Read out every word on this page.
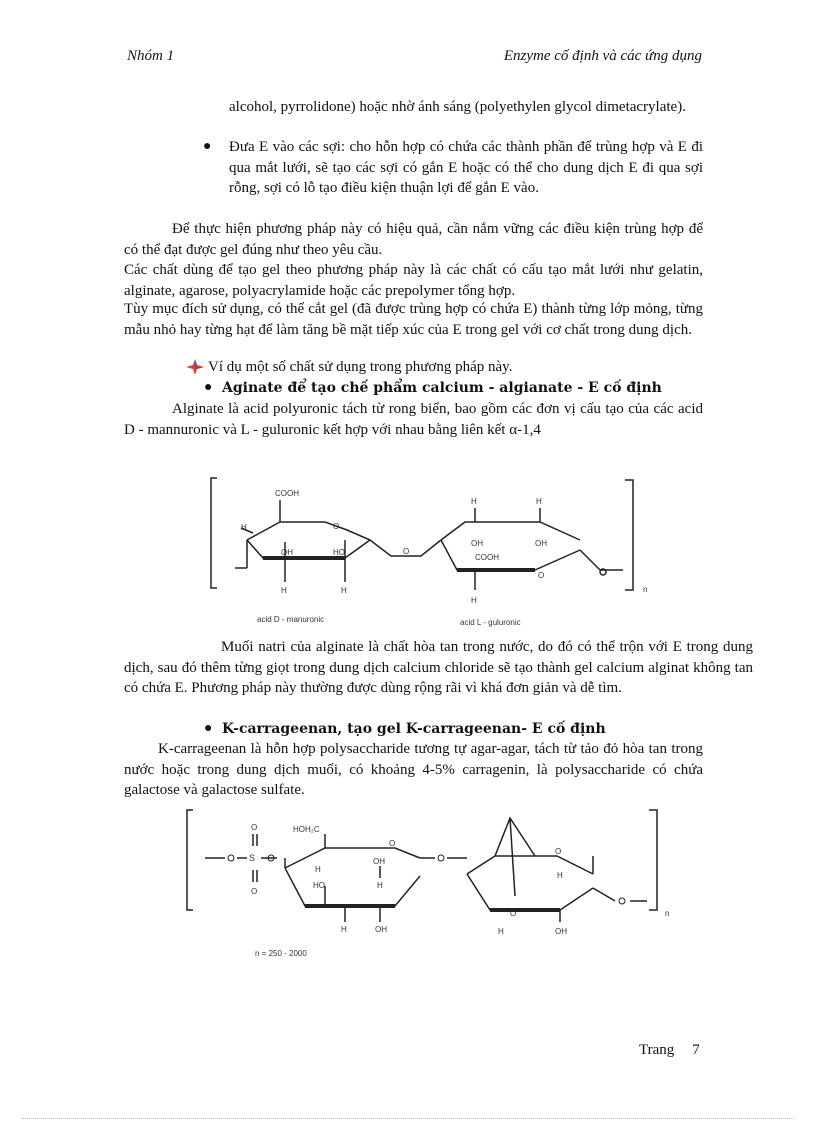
Nhóm 1	Enzyme cố định và các ứng dụng
alcohol, pyrrolidone) hoặc nhờ ánh sáng (polyethylen glycol dimetacrylate).
● Đưa E vào các sợi: cho hỗn hợp có chứa các thành phần để trùng hợp và E đi qua mắt lưới, sẽ tạo các sợi có gắn E hoặc có thể cho dung dịch E đi qua sợi rỗng, sợi có lỗ tạo điều kiện thuận lợi để gắn E vào.
Để thực hiện phương pháp này có hiệu quả, cần nắm vững các điều kiện trùng hợp để có thể đạt được gel đúng như theo yêu cầu.
Các chất dùng để tạo gel theo phương pháp này là các chất có cấu tạo mắt lưới như gelatin, alginate, agarose, polyacrylamide hoặc các prepolymer tổng hợp.
Tùy mục đích sử dụng, có thể cắt gel (đã được trùng hợp có chứa E) thành từng lớp mỏng, từng mẫu nhỏ hay từng hạt để làm tăng bề mặt tiếp xúc của E trong gel với cơ chất trong dung dịch.
Ví dụ một số chất sử dụng trong phương pháp này.
● Aginate để tạo chế phẩm calcium - algianate - E cố định
Alginate là acid polyuronic tách từ rong biển, bao gồm các đơn vị cấu tạo của các acid D - mannuronic và L - guluronic kết hợp với nhau bằng liên kết α-1,4
COOH
O
H
OH	HO
H	H
O
H	H
OH	OH
COOH
O
H
n
acid D - manuronic	acid L - guluronic
Muối natri của alginate là chất hòa tan trong nước, do đó có thể trộn với E trong dung dịch, sau đó thêm từng giọt trong dung dịch calcium chloride sẽ tạo thành gel calcium alginat không tan có chứa E. Phương pháp này thường được dùng rộng rãi vì khá đơn giản và dễ tìm.
● K-carrageenan, tạo gel K-carrageenan- E cố định
K-carrageenan là hỗn hợp polysaccharide tương tự agar-agar, tách từ tảo đỏ hòa tan trong nước hoặc trong dung dịch muối, có khoảng 4-5% carragenin, là polysaccharide có chứa galactose và galactose sulfate.
S
O
O
HOH₂C
O
H
HO
OH
H
H	OH
O
O
H	OH
H
n
n = 250 - 2000
Trang 7
